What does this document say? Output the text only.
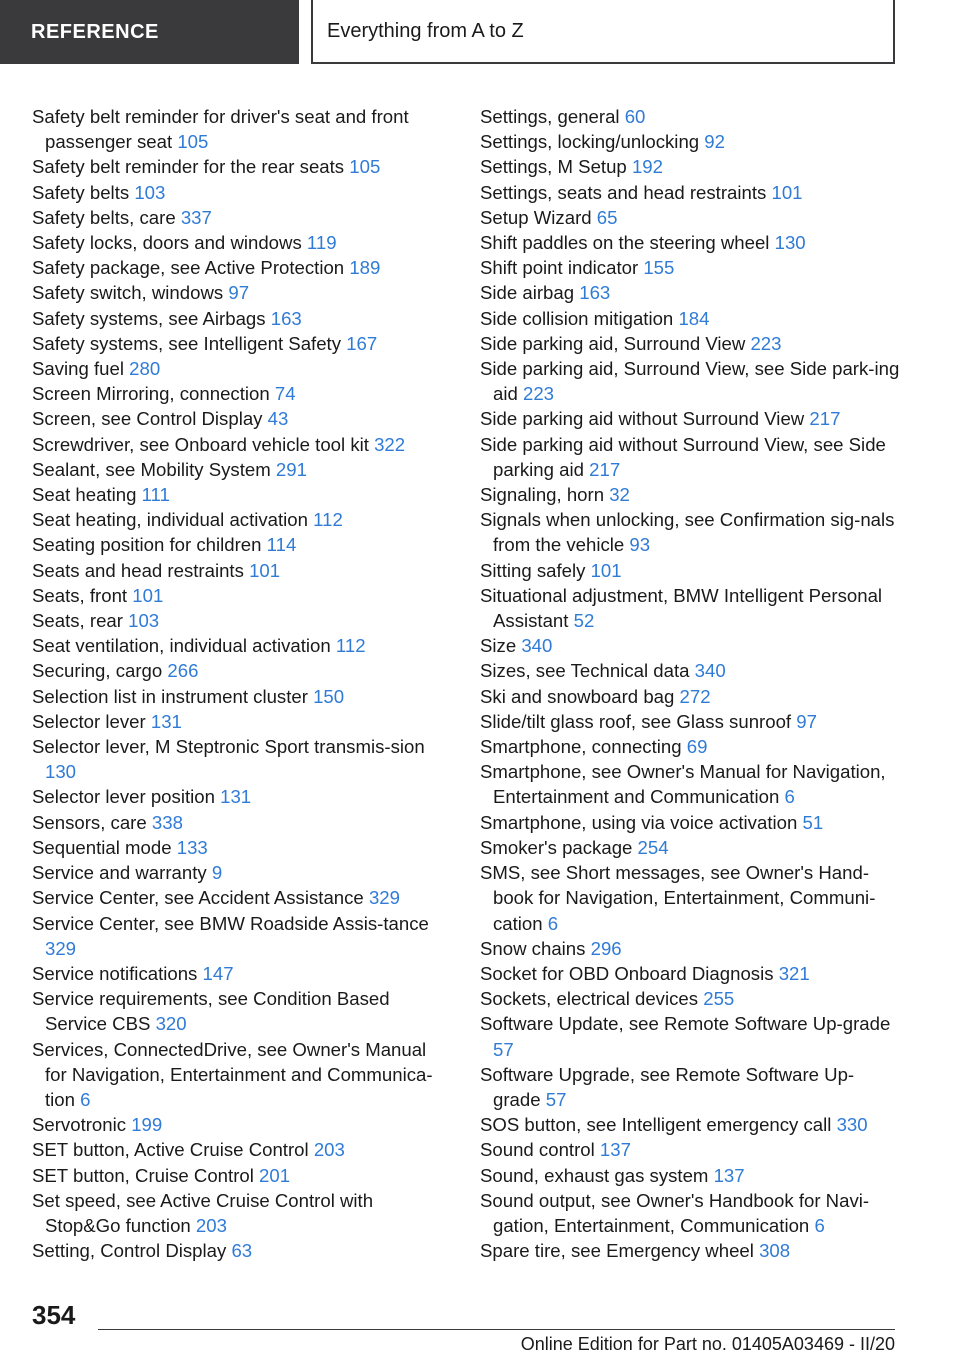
REFERENCE	Everything from A to Z
Safety belt reminder for driver's seat and front passenger seat 105
Safety belt reminder for the rear seats 105
Safety belts 103
Safety belts, care 337
Safety locks, doors and windows 119
Safety package, see Active Protection 189
Safety switch, windows 97
Safety systems, see Airbags 163
Safety systems, see Intelligent Safety 167
Saving fuel 280
Screen Mirroring, connection 74
Screen, see Control Display 43
Screwdriver, see Onboard vehicle tool kit 322
Sealant, see Mobility System 291
Seat heating 111
Seat heating, individual activation 112
Seating position for children 114
Seats and head restraints 101
Seats, front 101
Seats, rear 103
Seat ventilation, individual activation 112
Securing, cargo 266
Selection list in instrument cluster 150
Selector lever 131
Selector lever, M Steptronic Sport transmis-sion 130
Selector lever position 131
Sensors, care 338
Sequential mode 133
Service and warranty 9
Service Center, see Accident Assistance 329
Service Center, see BMW Roadside Assis-tance 329
Service notifications 147
Service requirements, see Condition Based Service CBS 320
Services, ConnectedDrive, see Owner's Manual for Navigation, Entertainment and Communica-tion 6
Servotronic 199
SET button, Active Cruise Control 203
SET button, Cruise Control 201
Set speed, see Active Cruise Control with Stop&Go function 203
Setting, Control Display 63
Settings, general 60
Settings, locking/unlocking 92
Settings, M Setup 192
Settings, seats and head restraints 101
Setup Wizard 65
Shift paddles on the steering wheel 130
Shift point indicator 155
Side airbag 163
Side collision mitigation 184
Side parking aid, Surround View 223
Side parking aid, Surround View, see Side park-ing aid 223
Side parking aid without Surround View 217
Side parking aid without Surround View, see Side parking aid 217
Signaling, horn 32
Signals when unlocking, see Confirmation sig-nals from the vehicle 93
Sitting safely 101
Situational adjustment, BMW Intelligent Personal Assistant 52
Size 340
Sizes, see Technical data 340
Ski and snowboard bag 272
Slide/tilt glass roof, see Glass sunroof 97
Smartphone, connecting 69
Smartphone, see Owner's Manual for Navigation, Entertainment and Communication 6
Smartphone, using via voice activation 51
Smoker's package 254
SMS, see Short messages, see Owner's Hand-book for Navigation, Entertainment, Communi-cation 6
Snow chains 296
Socket for OBD Onboard Diagnosis 321
Sockets, electrical devices 255
Software Update, see Remote Software Up-grade 57
Software Upgrade, see Remote Software Up-grade 57
SOS button, see Intelligent emergency call 330
Sound control 137
Sound, exhaust gas system 137
Sound output, see Owner's Handbook for Navi-gation, Entertainment, Communication 6
Spare tire, see Emergency wheel 308
354
Online Edition for Part no. 01405A03469 - II/20
